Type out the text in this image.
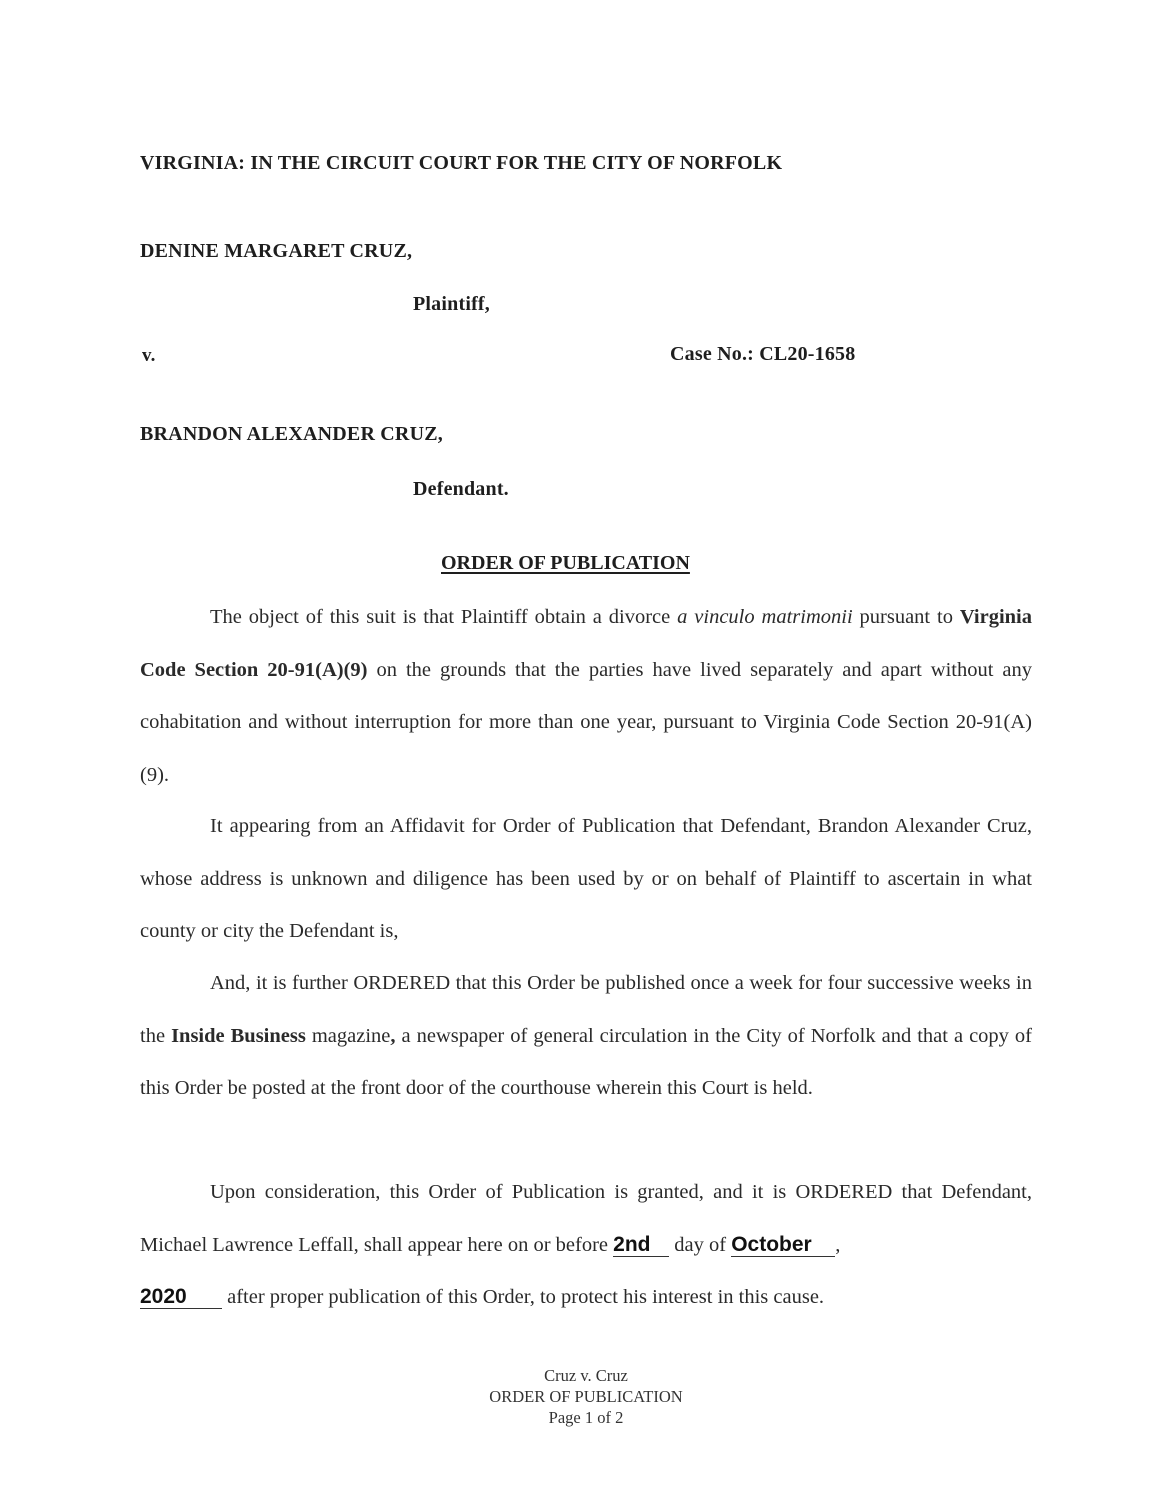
VIRGINIA: IN THE CIRCUIT COURT FOR THE CITY OF NORFOLK
DENINE MARGARET CRUZ,
Plaintiff,
v.	Case No.: CL20-1658
BRANDON ALEXANDER CRUZ,
Defendant.
ORDER OF PUBLICATION
The object of this suit is that Plaintiff obtain a divorce a vinculo matrimonii pursuant to Virginia Code Section 20-91(A)(9) on the grounds that the parties have lived separately and apart without any cohabitation and without interruption for more than one year, pursuant to Virginia Code Section 20-91(A)(9).
It appearing from an Affidavit for Order of Publication that Defendant, Brandon Alexander Cruz, whose address is unknown and diligence has been used by or on behalf of Plaintiff to ascertain in what county or city the Defendant is,
And, it is further ORDERED that this Order be published once a week for four successive weeks in the Inside Business magazine, a newspaper of general circulation in the City of Norfolk and that a copy of this Order be posted at the front door of the courthouse wherein this Court is held.
Upon consideration, this Order of Publication is granted, and it is ORDERED that Defendant, Michael Lawrence Leffall, shall appear here on or before 2nd day of October ,
2020 after proper publication of this Order, to protect his interest in this cause.
Cruz v. Cruz
ORDER OF PUBLICATION
Page 1 of 2
